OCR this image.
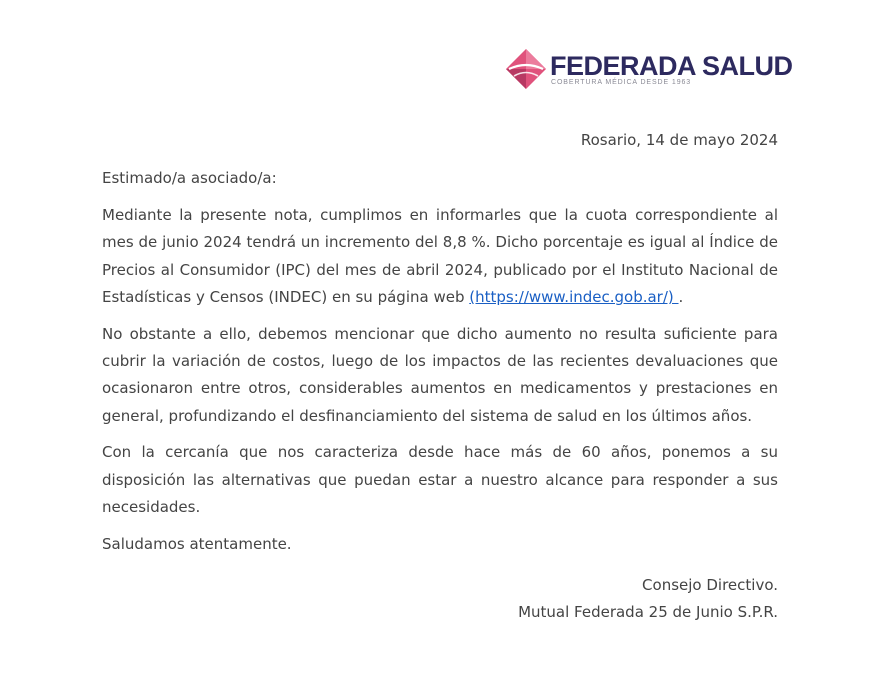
FEDERADA SALUD
COBERTURA MÉDICA DESDE 1963
Rosario, 14 de mayo 2024
Estimado/a asociado/a:
Mediante la presente nota, cumplimos en informarles que la cuota correspondiente al mes de junio 2024 tendrá un incremento del 8,8 %. Dicho porcentaje es igual al Índice de Precios al Consumidor (IPC) del mes de abril 2024, publicado por el Instituto Nacional de Estadísticas y Censos (INDEC) en su página web (https://www.indec.gob.ar/) .
No obstante a ello, debemos mencionar que dicho aumento no resulta suficiente para cubrir la variación de costos, luego de los impactos de las recientes devaluaciones que ocasionaron entre otros, considerables aumentos en medicamentos y prestaciones en general, profundizando el desfinanciamiento del sistema de salud en los últimos años.
Con la cercanía que nos caracteriza desde hace más de 60 años, ponemos a su disposición las alternativas que puedan estar a nuestro alcance para responder a sus necesidades.
Saludamos atentamente.
Consejo Directivo.
Mutual Federada 25 de Junio S.P.R.
